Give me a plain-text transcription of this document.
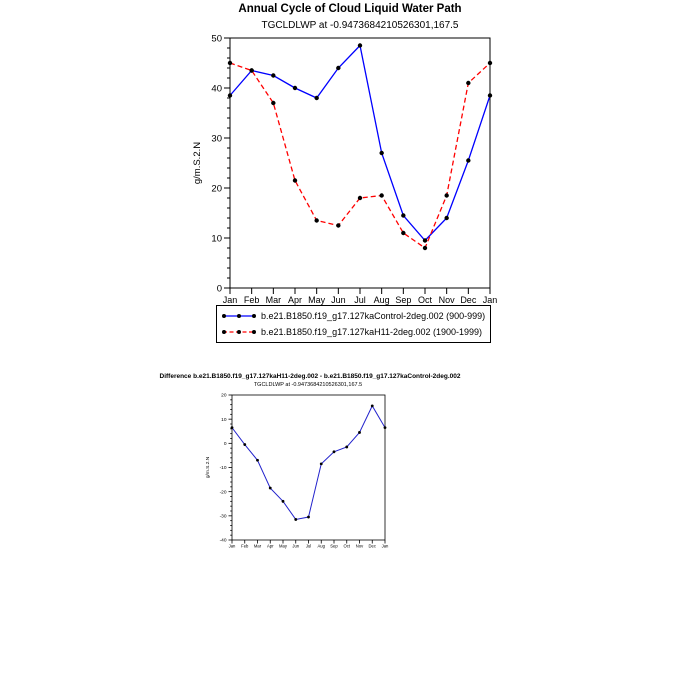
Annual Cycle of Cloud Liquid Water Path
TGCLDLWP at -0.9473684210526301,167.5
0
10
20
30
40
50
Jan Feb Mar Apr May Jun Jul Aug Sep Oct Nov Dec Jan
g/m.S.2.N
b.e21.B1850.f19_g17.127kaControl-2deg.002 (900-999)
b.e21.B1850.f19_g17.127kaH11-2deg.002 (1900-1999)
Difference b.e21.B1850.f19_g17.127kaH11-2deg.002 - b.e21.B1850.f19_g17.127kaControl-2deg.002
TGCLDLWP at -0.9473684210526301,167.5
-40
-30
-20
-10
0
10
20
Jan Feb Mar Apr May Jun Jul Aug Sep Oct Nov Dec Jan
g/m.S.2.N
